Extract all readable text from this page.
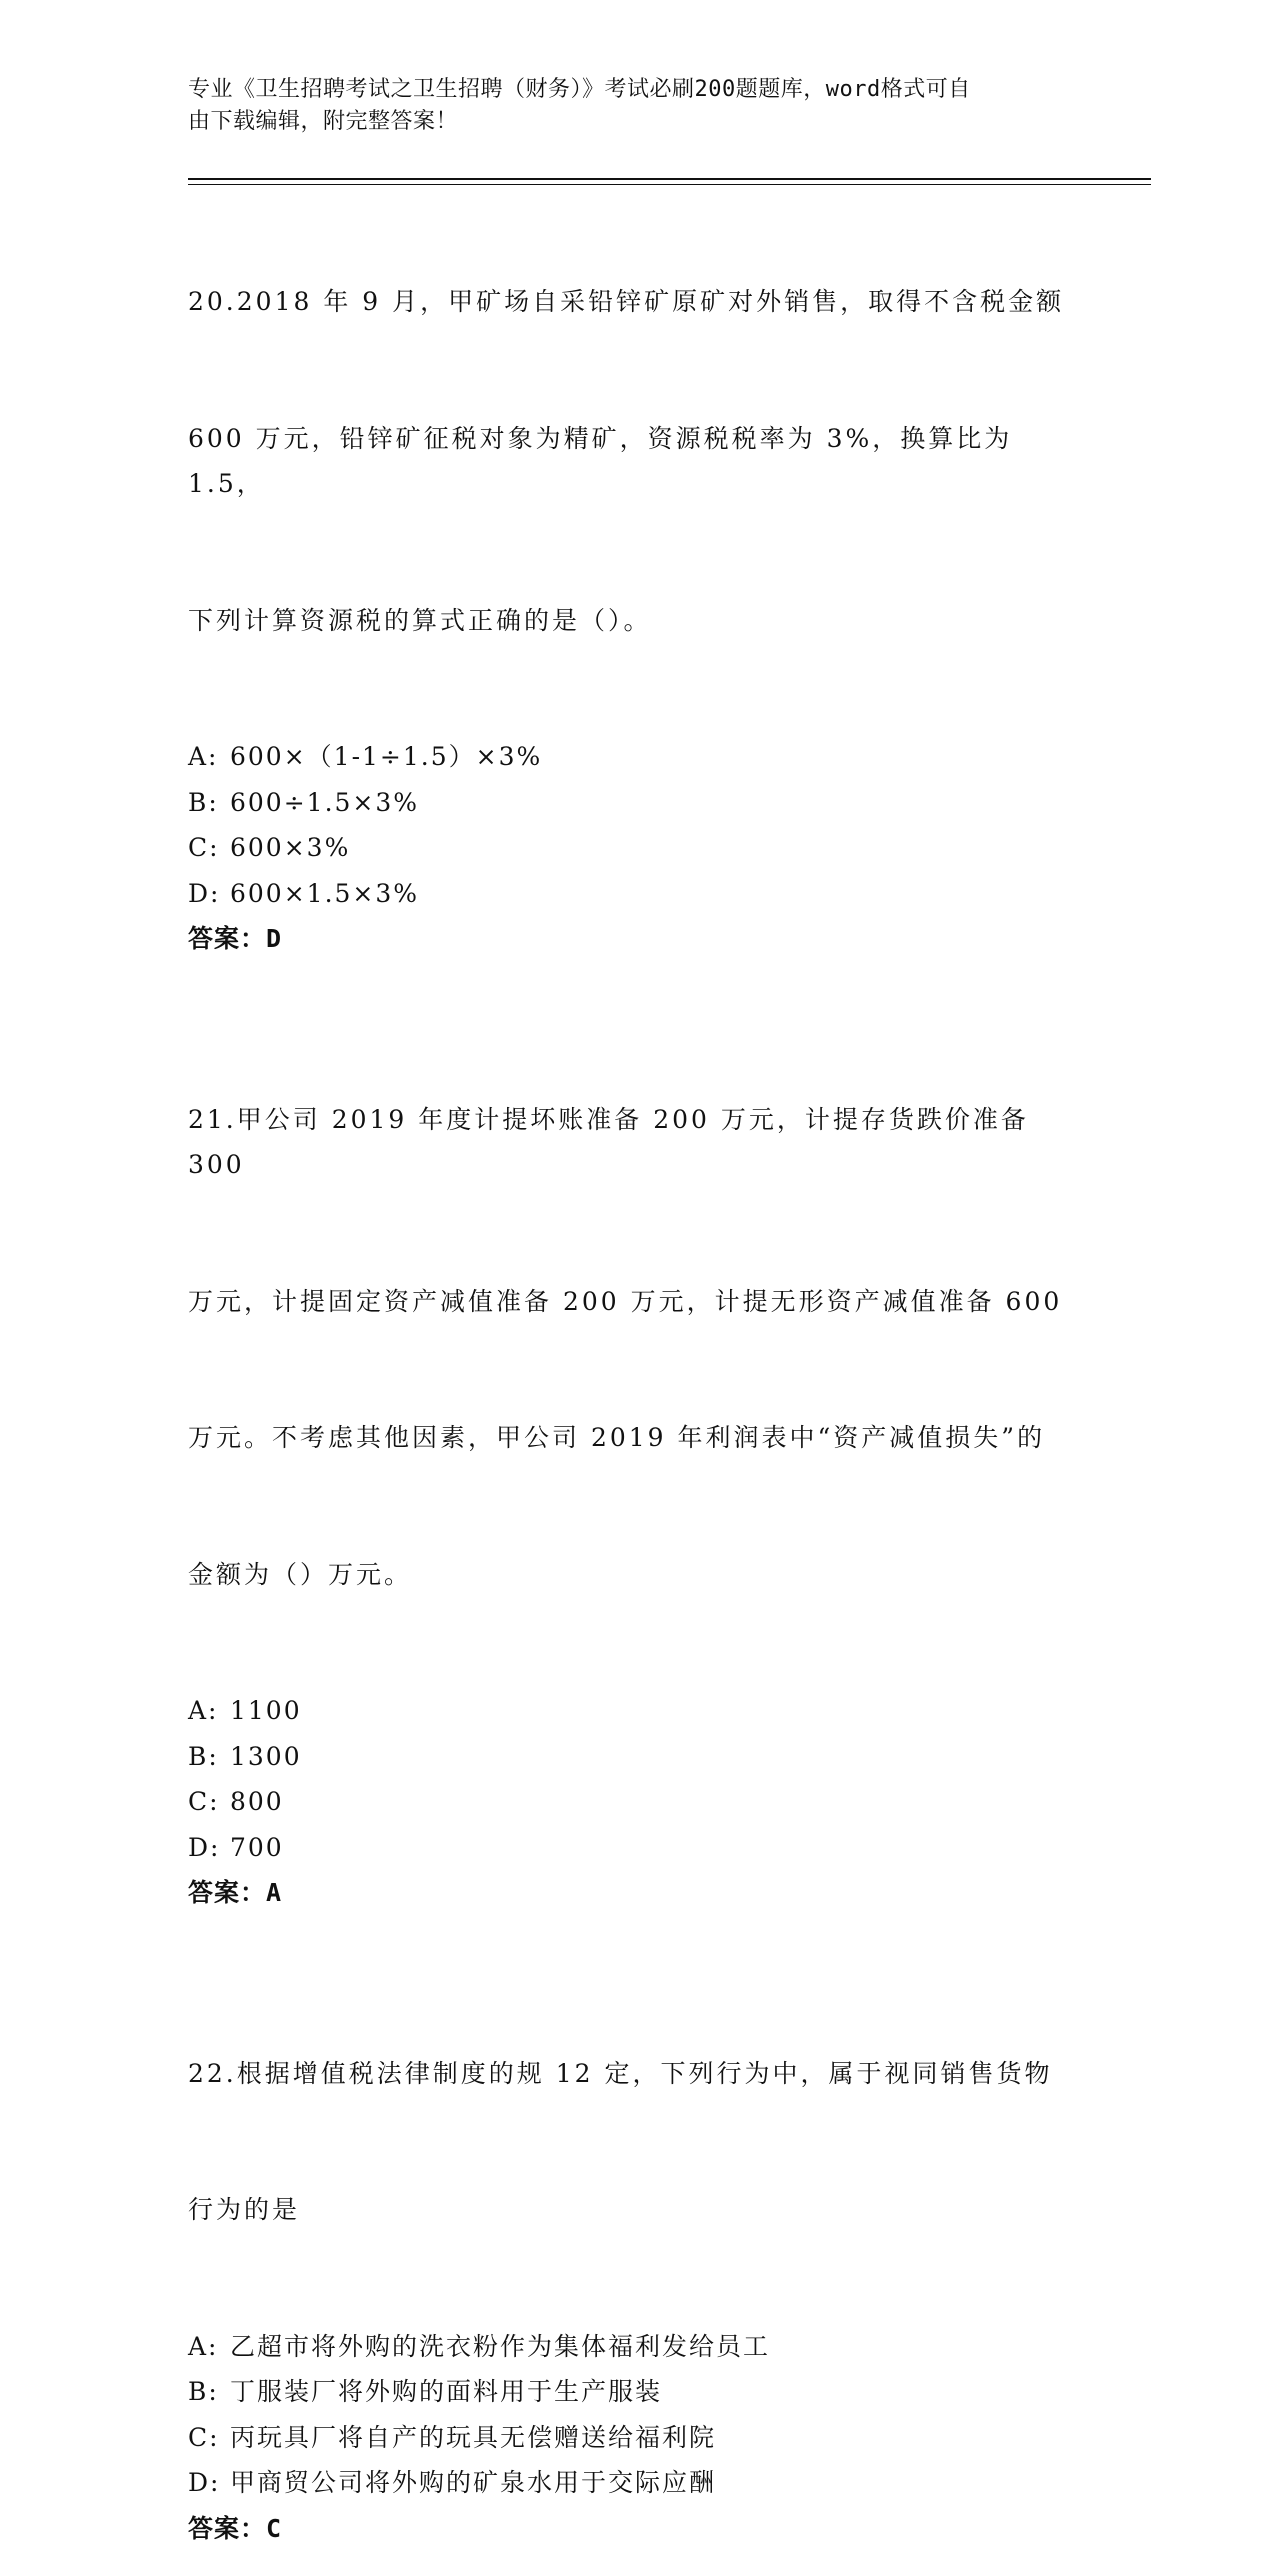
专业《卫生招聘考试之卫生招聘（财务）》考试必刷200题题库，word格式可自
由下载编辑，附完整答案！

20.2018 年 9 月，甲矿场自采铅锌矿原矿对外销售，取得不含税金额

600 万元，铅锌矿征税对象为精矿，资源税税率为 3%，换算比为 1.5，

下列计算资源税的算式正确的是（）。

A: 600×（1-1÷1.5）×3%
B: 600÷1.5×3%
C: 600×3%
D: 600×1.5×3%
答案：D

21.甲公司 2019 年度计提坏账准备 200 万元，计提存货跌价准备 300

万元，计提固定资产减值准备 200 万元，计提无形资产减值准备 600

万元。不考虑其他因素，甲公司 2019 年利润表中“资产减值损失”的

金额为（）万元。

A: 1100
B: 1300
C: 800
D: 700
答案：A

22.根据增值税法律制度的规 12 定，下列行为中，属于视同销售货物

行为的是

A: 乙超市将外购的洗衣粉作为集体福利发给员工
B: 丁服装厂将外购的面料用于生产服装
C: 丙玩具厂将自产的玩具无偿赠送给福利院
D: 甲商贸公司将外购的矿泉水用于交际应酬
答案：C
